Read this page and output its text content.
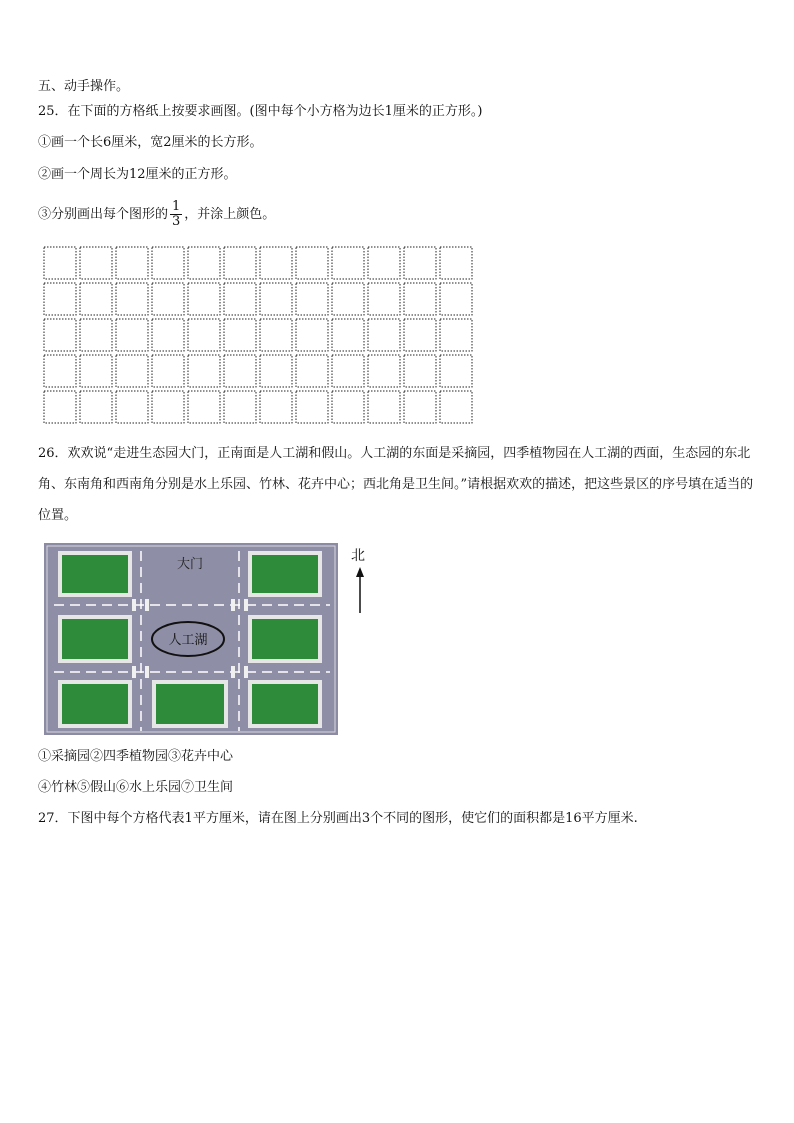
五、动手操作。
25．在下面的方格纸上按要求画图。(图中每个小方格为边长1厘米的正方形。)
①画一个长6厘米，宽2厘米的长方形。
②画一个周长为12厘米的正方形。
③分别画出每个图形的 $\frac{1}{3}$ ，并涂上颜色。
26．欢欢说“走进生态园大门，正南面是人工湖和假山。人工湖的东面是采摘园，四季植物园在人工湖的西面，生态园的东北角、东南角和西南角分别是水上乐园、竹林、花卉中心；西北角是卫生间。”请根据欢欢的描述，把这些景区的序号填在适当的位置。
大门
人工湖
北
①采摘园②四季植物园③花卉中心
④竹林⑤假山⑥水上乐园⑦卫生间
27．下图中每个方格代表1平方厘米，请在图上分别画出3个不同的图形，使它们的面积都是16平方厘米.
